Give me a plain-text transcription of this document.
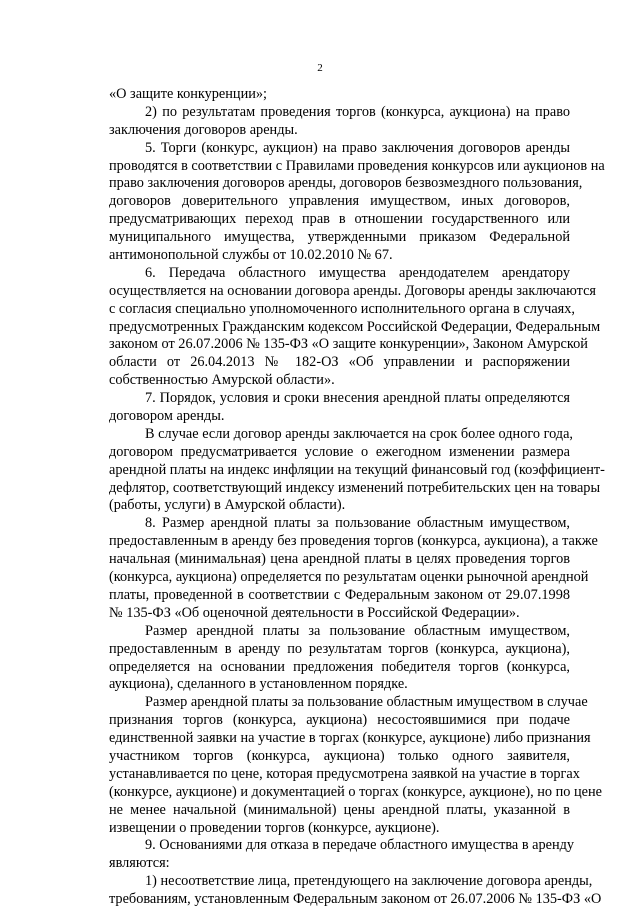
2
«О защите конкуренции»;
2) по результатам проведения торгов (конкурса, аукциона) на право
заключения договоров аренды.
5. Торги (конкурс, аукцион) на право заключения договоров аренды
проводятся в соответствии с Правилами проведения конкурсов или аукционов на
право заключения договоров аренды, договоров безвозмездного пользования,
договоров доверительного управления имуществом, иных договоров,
предусматривающих переход прав в отношении государственного или
муниципального имущества, утвержденными приказом Федеральной
антимонопольной службы от 10.02.2010 № 67.
6. Передача областного имущества арендодателем арендатору
осуществляется на основании договора аренды. Договоры аренды заключаются
с согласия специально уполномоченного исполнительного органа в случаях,
предусмотренных Гражданским кодексом Российской Федерации, Федеральным
законом от 26.07.2006 № 135-ФЗ «О защите конкуренции», Законом Амурской
области от 26.04.2013 № 182-ОЗ «Об управлении и распоряжении
собственностью Амурской области».
7. Порядок, условия и сроки внесения арендной платы определяются
договором аренды.
В случае если договор аренды заключается на срок более одного года,
договором предусматривается условие о ежегодном изменении размера
арендной платы на индекс инфляции на текущий финансовый год (коэффициент-
дефлятор, соответствующий индексу изменений потребительских цен на товары
(работы, услуги) в Амурской области).
8. Размер арендной платы за пользование областным имуществом,
предоставленным в аренду без проведения торгов (конкурса, аукциона), а также
начальная (минимальная) цена арендной платы в целях проведения торгов
(конкурса, аукциона) определяется по результатам оценки рыночной арендной
платы, проведенной в соответствии с Федеральным законом от 29.07.1998
№ 135-ФЗ «Об оценочной деятельности в Российской Федерации».
Размер арендной платы за пользование областным имуществом,
предоставленным в аренду по результатам торгов (конкурса, аукциона),
определяется на основании предложения победителя торгов (конкурса,
аукциона), сделанного в установленном порядке.
Размер арендной платы за пользование областным имуществом в случае
признания торгов (конкурса, аукциона) несостоявшимися при подаче
единственной заявки на участие в торгах (конкурсе, аукционе) либо признания
участником торгов (конкурса, аукциона) только одного заявителя,
устанавливается по цене, которая предусмотрена заявкой на участие в торгах
(конкурсе, аукционе) и документацией о торгах (конкурсе, аукционе), но по цене
не менее начальной (минимальной) цены арендной платы, указанной в
извещении о проведении торгов (конкурсе, аукционе).
9. Основаниями для отказа в передаче областного имущества в аренду
являются:
1) несоответствие лица, претендующего на заключение договора аренды,
требованиям, установленным Федеральным законом от 26.07.2006 № 135-ФЗ «О
